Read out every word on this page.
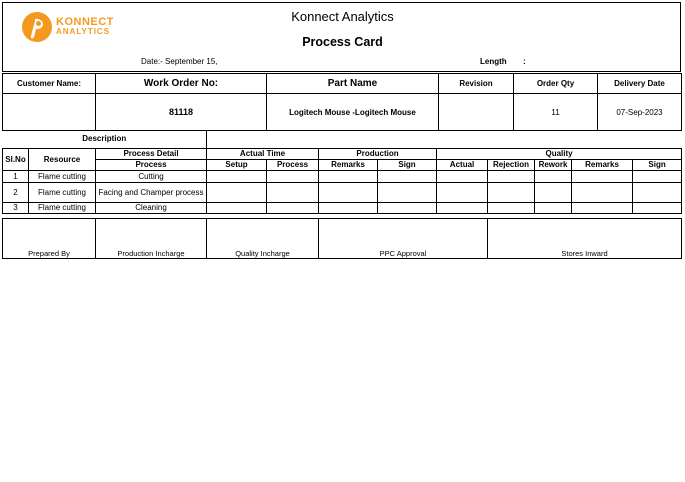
KONNECT
ANALYTICS
Konnect Analytics
Process Card
Date:- September 15,	Length :
Customer Name:	Work Order No:	Part Name	Revision	Order Qty	Delivery Date
	81118	Logitech Mouse -Logitech Mouse		11	07-Sep-2023
Description											
Sl.No	Resource	Process Detail	Actual Time		Production		Quality				
		Process	Setup	Process	Remarks	Sign	Actual	Rejection	Rework	Remarks	Sign
1	Flame cutting	Cutting									
2	Flame cutting	Facing and Champer process									
3	Flame cutting	Cleaning									
Prepared By	Production Incharge	Quality Incharge	PPC Approval	Stores Inward
